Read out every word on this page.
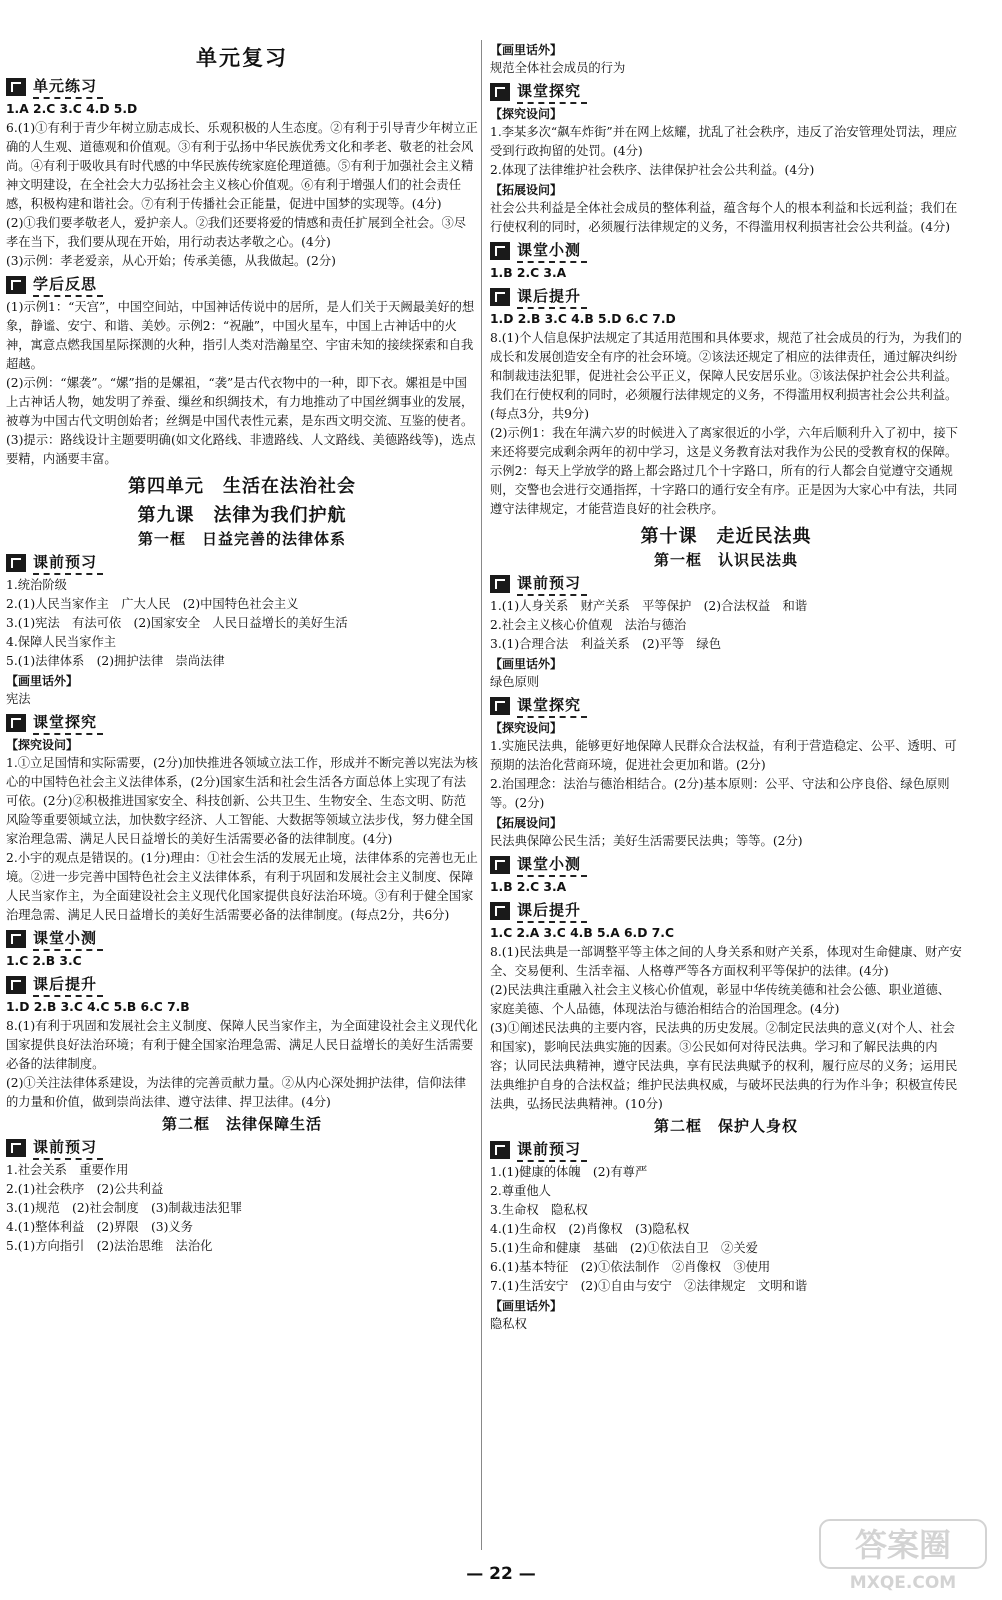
单元复习
单元练习

1.A 2.C 3.C 4.D 5.D

6.(1)①有利于青少年树立励志成长、乐观积极的人生态度。②有利于引导青少年树立正确的人生观、道德观和价值观。③有利于弘扬中华民族优秀文化和孝老、敬老的社会风尚。④有利于吸收具有时代感的中华民族传统家庭伦理道德。⑤有利于加强社会主义精神文明建设，在全社会大力弘扬社会主义核心价值观。⑥有利于增强人们的社会责任感，积极构建和谐社会。⑦有利于传播社会正能量，促进中国梦的实现等。(4分)

(2)①我们要孝敬老人，爱护亲人。②我们还要将爱的情感和责任扩展到全社会。③尽孝在当下，我们要从现在开始，用行动表达孝敬之心。(4分)

(3)示例：孝老爱亲，从心开始；传承美德，从我做起。(2分)

学后反思

(1)示例1：“天宫”，中国空间站，中国神话传说中的居所，是人们关于天阙最美好的想象，静谧、安宁、和谐、美妙。示例2：“祝融”，中国火星车，中国上古神话中的火神，寓意点燃我国星际探测的火种，指引人类对浩瀚星空、宇宙未知的接续探索和自我超越。

(2)示例：“嫘袭”。“嫘”指的是嫘祖，“袭”是古代衣物中的一种，即下衣。嫘祖是中国上古神话人物，她发明了养蚕、缫丝和织绸技术，有力地推动了中国丝绸事业的发展，被尊为中国古代文明创始者；丝绸是中国代表性元素，是东西文明交流、互鉴的使者。

(3)提示：路线设计主题要明确(如文化路线、非遗路线、人文路线、美德路线等)，选点要精，内涵要丰富。

第四单元　生活在法治社会
第九课　法律为我们护航
第一框　日益完善的法律体系
课前预习

1.统治阶级

2.(1)人民当家作主　广大人民　(2)中国特色社会主义

3.(1)宪法　有法可依　(2)国家安全　人民日益增长的美好生活

4.保障人民当家作主

5.(1)法律体系　(2)拥护法律　崇尚法律

【画里话外】

宪法

课堂探究
【探究设问】

1.①立足国情和实际需要，(2分)加快推进各领域立法工作，形成并不断完善以宪法为核心的中国特色社会主义法律体系，(2分)国家生活和社会生活各方面总体上实现了有法可依。(2分)②积极推进国家安全、科技创新、公共卫生、生物安全、生态文明、防范风险等重要领域立法，加快数字经济、人工智能、大数据等领域立法步伐，努力健全国家治理急需、满足人民日益增长的美好生活需要必备的法律制度。(4分)

2.小宇的观点是错误的。(1分)理由：①社会生活的发展无止境，法律体系的完善也无止境。②进一步完善中国特色社会主义法律体系，有利于巩固和发展社会主义制度、保障人民当家作主，为全面建设社会主义现代化国家提供良好法治环境。③有利于健全国家治理急需、满足人民日益增长的美好生活需要必备的法律制度。(每点2分，共6分)

课堂小测

1.C 2.B 3.C

课后提升

1.D 2.B 3.C 4.C 5.B 6.C 7.B

8.(1)有利于巩固和发展社会主义制度、保障人民当家作主，为全面建设社会主义现代化国家提供良好法治环境；有利于健全国家治理急需、满足人民日益增长的美好生活需要必备的法律制度。

(2)①关注法律体系建设，为法律的完善贡献力量。②从内心深处拥护法律，信仰法律的力量和价值，做到崇尚法律、遵守法律、捍卫法律。(4分)

第二框　法律保障生活
课前预习

1.社会关系　重要作用

2.(1)社会秩序　(2)公共利益

3.(1)规范　(2)社会制度　(3)制裁违法犯罪

4.(1)整体利益　(2)界限　(3)义务

5.(1)方向指引　(2)法治思维　法治化

【画里话外】

规范全体社会成员的行为

课堂探究
【探究设问】

1.李某多次“飙车炸街”并在网上炫耀，扰乱了社会秩序，违反了治安管理处罚法，理应受到行政拘留的处罚。(4分)

2.体现了法律维护社会秩序、法律保护社会公共利益。(4分)

【拓展设问】

社会公共利益是全体社会成员的整体利益，蕴含每个人的根本利益和长远利益；我们在行使权利的同时，必须履行法律规定的义务，不得滥用权利损害社会公共利益。(4分)

课堂小测

1.B 2.C 3.A

课后提升

1.D 2.B 3.C 4.B 5.D 6.C 7.D

8.(1)个人信息保护法规定了其适用范围和具体要求，规范了社会成员的行为，为我们的成长和发展创造安全有序的社会环境。②该法还规定了相应的法律责任，通过解决纠纷和制裁违法犯罪，促进社会公平正义，保障人民安居乐业。③该法保护社会公共利益。我们在行使权利的同时，必须履行法律规定的义务，不得滥用权利损害社会公共利益。(每点3分，共9分)

(2)示例1：我在年满六岁的时候进入了离家很近的小学，六年后顺利升入了初中，接下来还将要完成剩余两年的初中学习，这是义务教育法对我作为公民的受教育权的保障。示例2：每天上学放学的路上都会路过几个十字路口，所有的行人都会自觉遵守交通规则，交警也会进行交通指挥，十字路口的通行安全有序。正是因为大家心中有法，共同遵守法律规定，才能营造良好的社会秩序。

第十课　走近民法典
第一框　认识民法典
课前预习

1.(1)人身关系　财产关系　平等保护　(2)合法权益　和谐

2.社会主义核心价值观　法治与德治

3.(1)合理合法　利益关系　(2)平等　绿色

【画里话外】

绿色原则

课堂探究
【探究设问】

1.实施民法典，能够更好地保障人民群众合法权益，有利于营造稳定、公平、透明、可预期的法治化营商环境，促进社会更加和谐。(2分)

2.治国理念：法治与德治相结合。(2分)基本原则：公平、守法和公序良俗、绿色原则等。(2分)

【拓展设问】

民法典保障公民生活；美好生活需要民法典；等等。(2分)

课堂小测

1.B 2.C 3.A

课后提升

1.C 2.A 3.C 4.B 5.A 6.D 7.C

8.(1)民法典是一部调整平等主体之间的人身关系和财产关系，体现对生命健康、财产安全、交易便利、生活幸福、人格尊严等各方面权利平等保护的法律。(4分)

(2)民法典注重融入社会主义核心价值观，彰显中华传统美德和社会公德、职业道德、家庭美德、个人品德，体现法治与德治相结合的治国理念。(4分)

(3)①阐述民法典的主要内容，民法典的历史发展。②制定民法典的意义(对个人、社会和国家)，影响民法典实施的因素。③公民如何对待民法典。学习和了解民法典的内容；认同民法典精神，遵守民法典，享有民法典赋予的权利，履行应尽的义务；运用民法典维护自身的合法权益；维护民法典权威，与破坏民法典的行为作斗争；积极宣传民法典，弘扬民法典精神。(10分)

第二框　保护人身权
课前预习

1.(1)健康的体魄　(2)有尊严

2.尊重他人

3.生命权　隐私权

4.(1)生命权　(2)肖像权　(3)隐私权

5.(1)生命和健康　基础　(2)①依法自卫　②关爱

6.(1)基本特征　(2)①依法制作　②肖像权　③使用

7.(1)生活安宁　(2)①自由与安宁　②法律规定　文明和谐

【画里话外】

隐私权

— 22 —
答案圈
MXQE.COM
